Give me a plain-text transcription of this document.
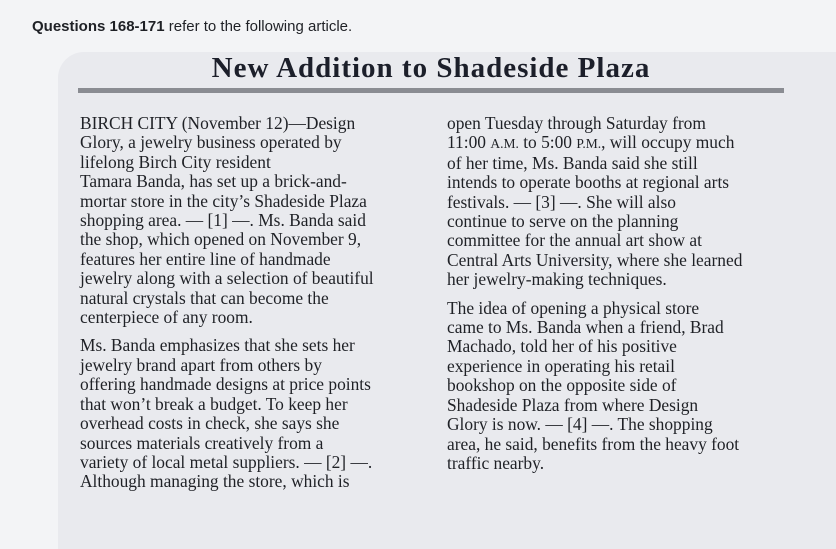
Questions 168-171 refer to the following article.
New Addition to Shadeside Plaza

BIRCH CITY (November 12)—Design
Glory, a jewelry business operated by
lifelong Birch City resident
Tamara Banda, has set up a brick-and-
mortar store in the city’s Shadeside Plaza
shopping area. — [1] —. Ms. Banda said
the shop, which opened on November 9,
features her entire line of handmade
jewelry along with a selection of beautiful
natural crystals that can become the
centerpiece of any room.

Ms. Banda emphasizes that she sets her
jewelry brand apart from others by
offering handmade designs at price points
that won’t break a budget. To keep her
overhead costs in check, she says she
sources materials creatively from a
variety of local metal suppliers. — [2] —.
Although managing the store, which is

open Tuesday through Saturday from
11:00 A.M. to 5:00 P.M., will occupy much
of her time, Ms. Banda said she still
intends to operate booths at regional arts
festivals. — [3] —. She will also
continue to serve on the planning
committee for the annual art show at
Central Arts University, where she learned
her jewelry-making techniques.

The idea of opening a physical store
came to Ms. Banda when a friend, Brad
Machado, told her of his positive
experience in operating his retail
bookshop on the opposite side of
Shadeside Plaza from where Design
Glory is now. — [4] —. The shopping
area, he said, benefits from the heavy foot
traffic nearby.
